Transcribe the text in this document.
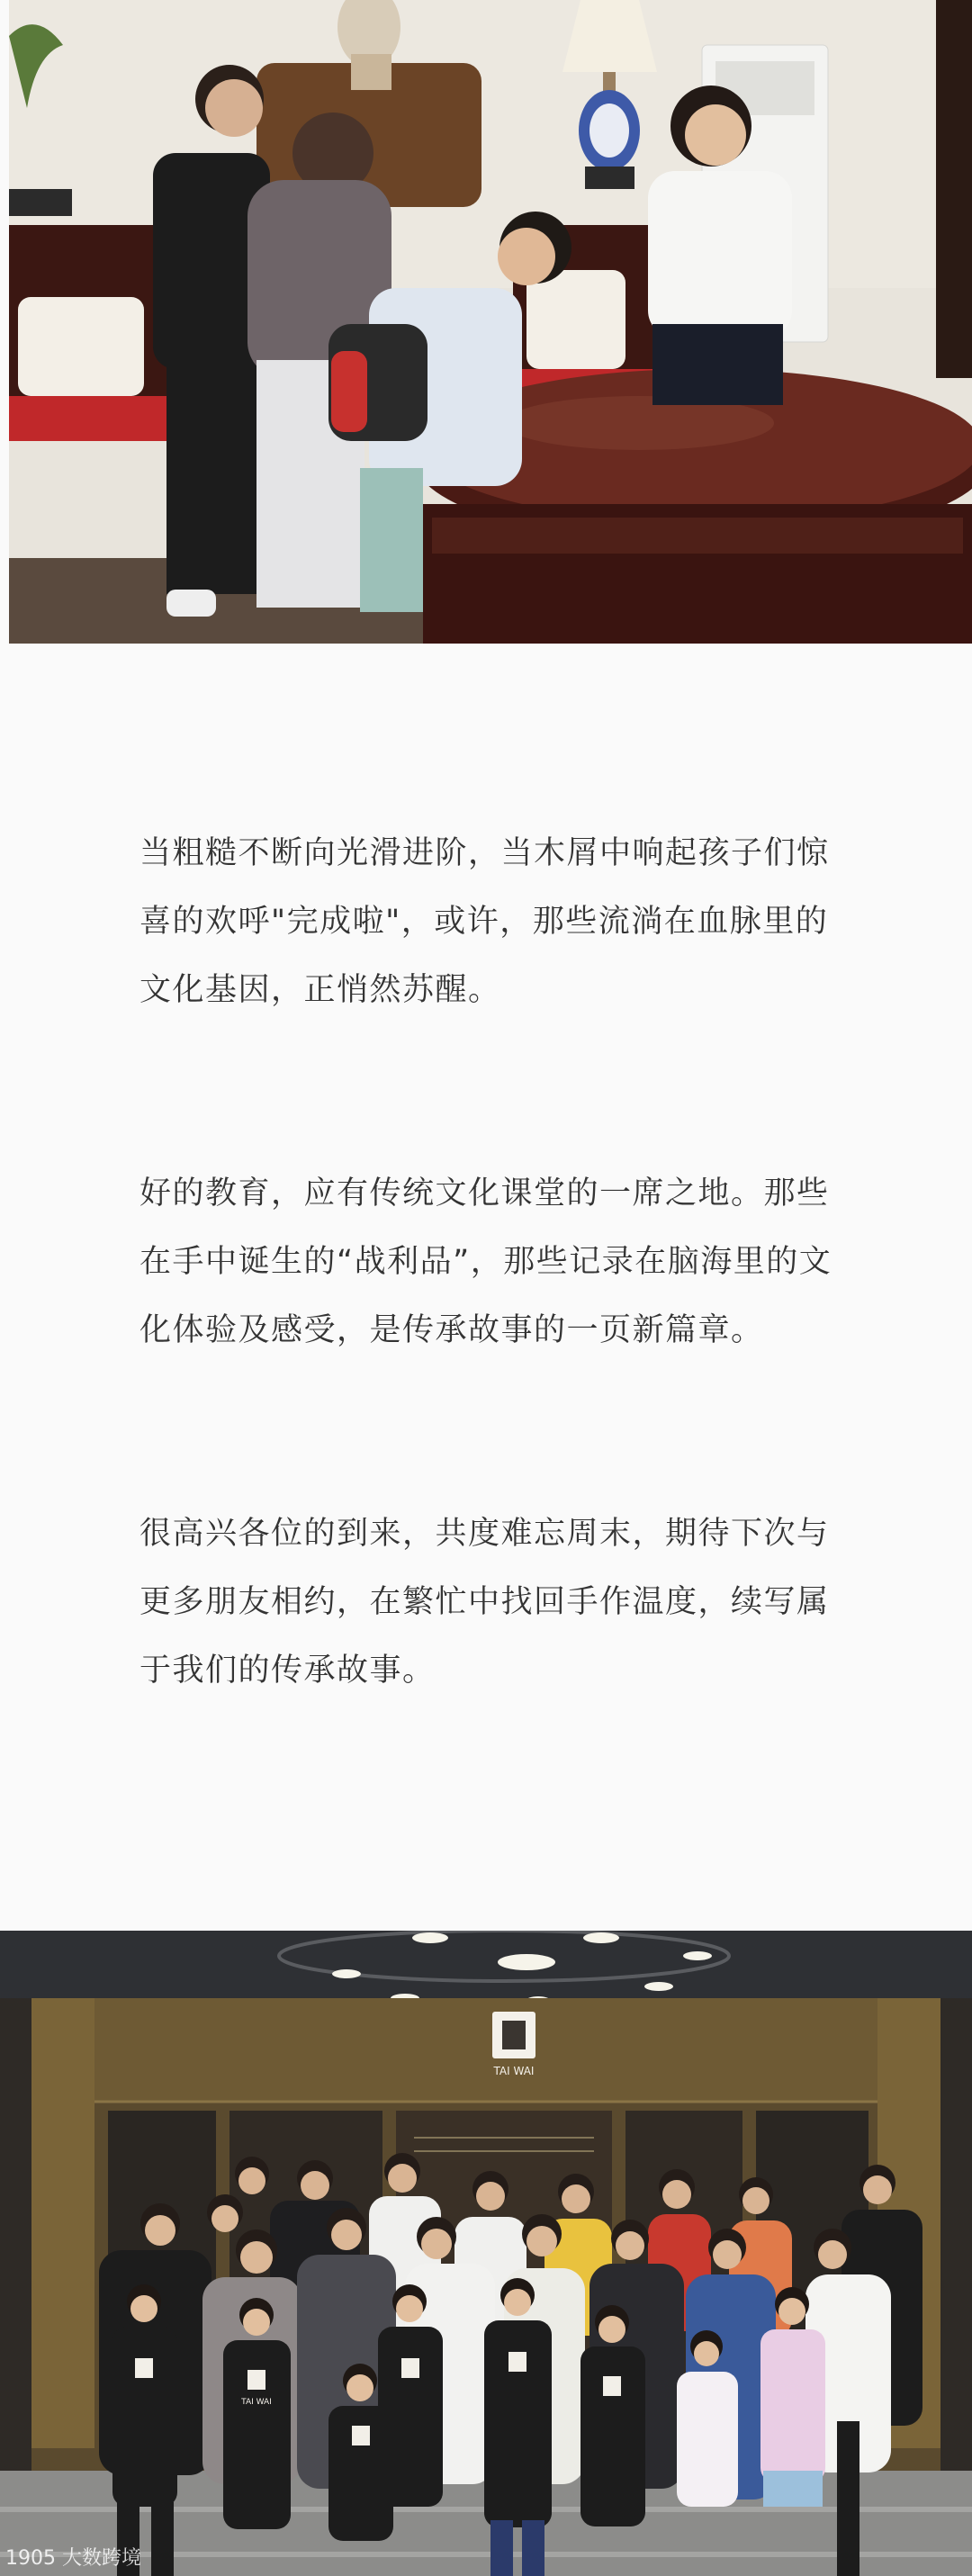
当粗糙不断向光滑进阶，当木屑中响起孩子们惊喜的欢呼"完成啦"，或许，那些流淌在血脉里的文化基因，正悄然苏醒。

好的教育，应有传统文化课堂的一席之地。那些在手中诞生的“战利品”，那些记录在脑海里的文化体验及感受，是传承故事的一页新篇章。

很高兴各位的到来，共度难忘周末，期待下次与更多朋友相约，在繁忙中找回手作温度，续写属于我们的传承故事。

TAI WAI
TAI WAI
1905 大数跨境
